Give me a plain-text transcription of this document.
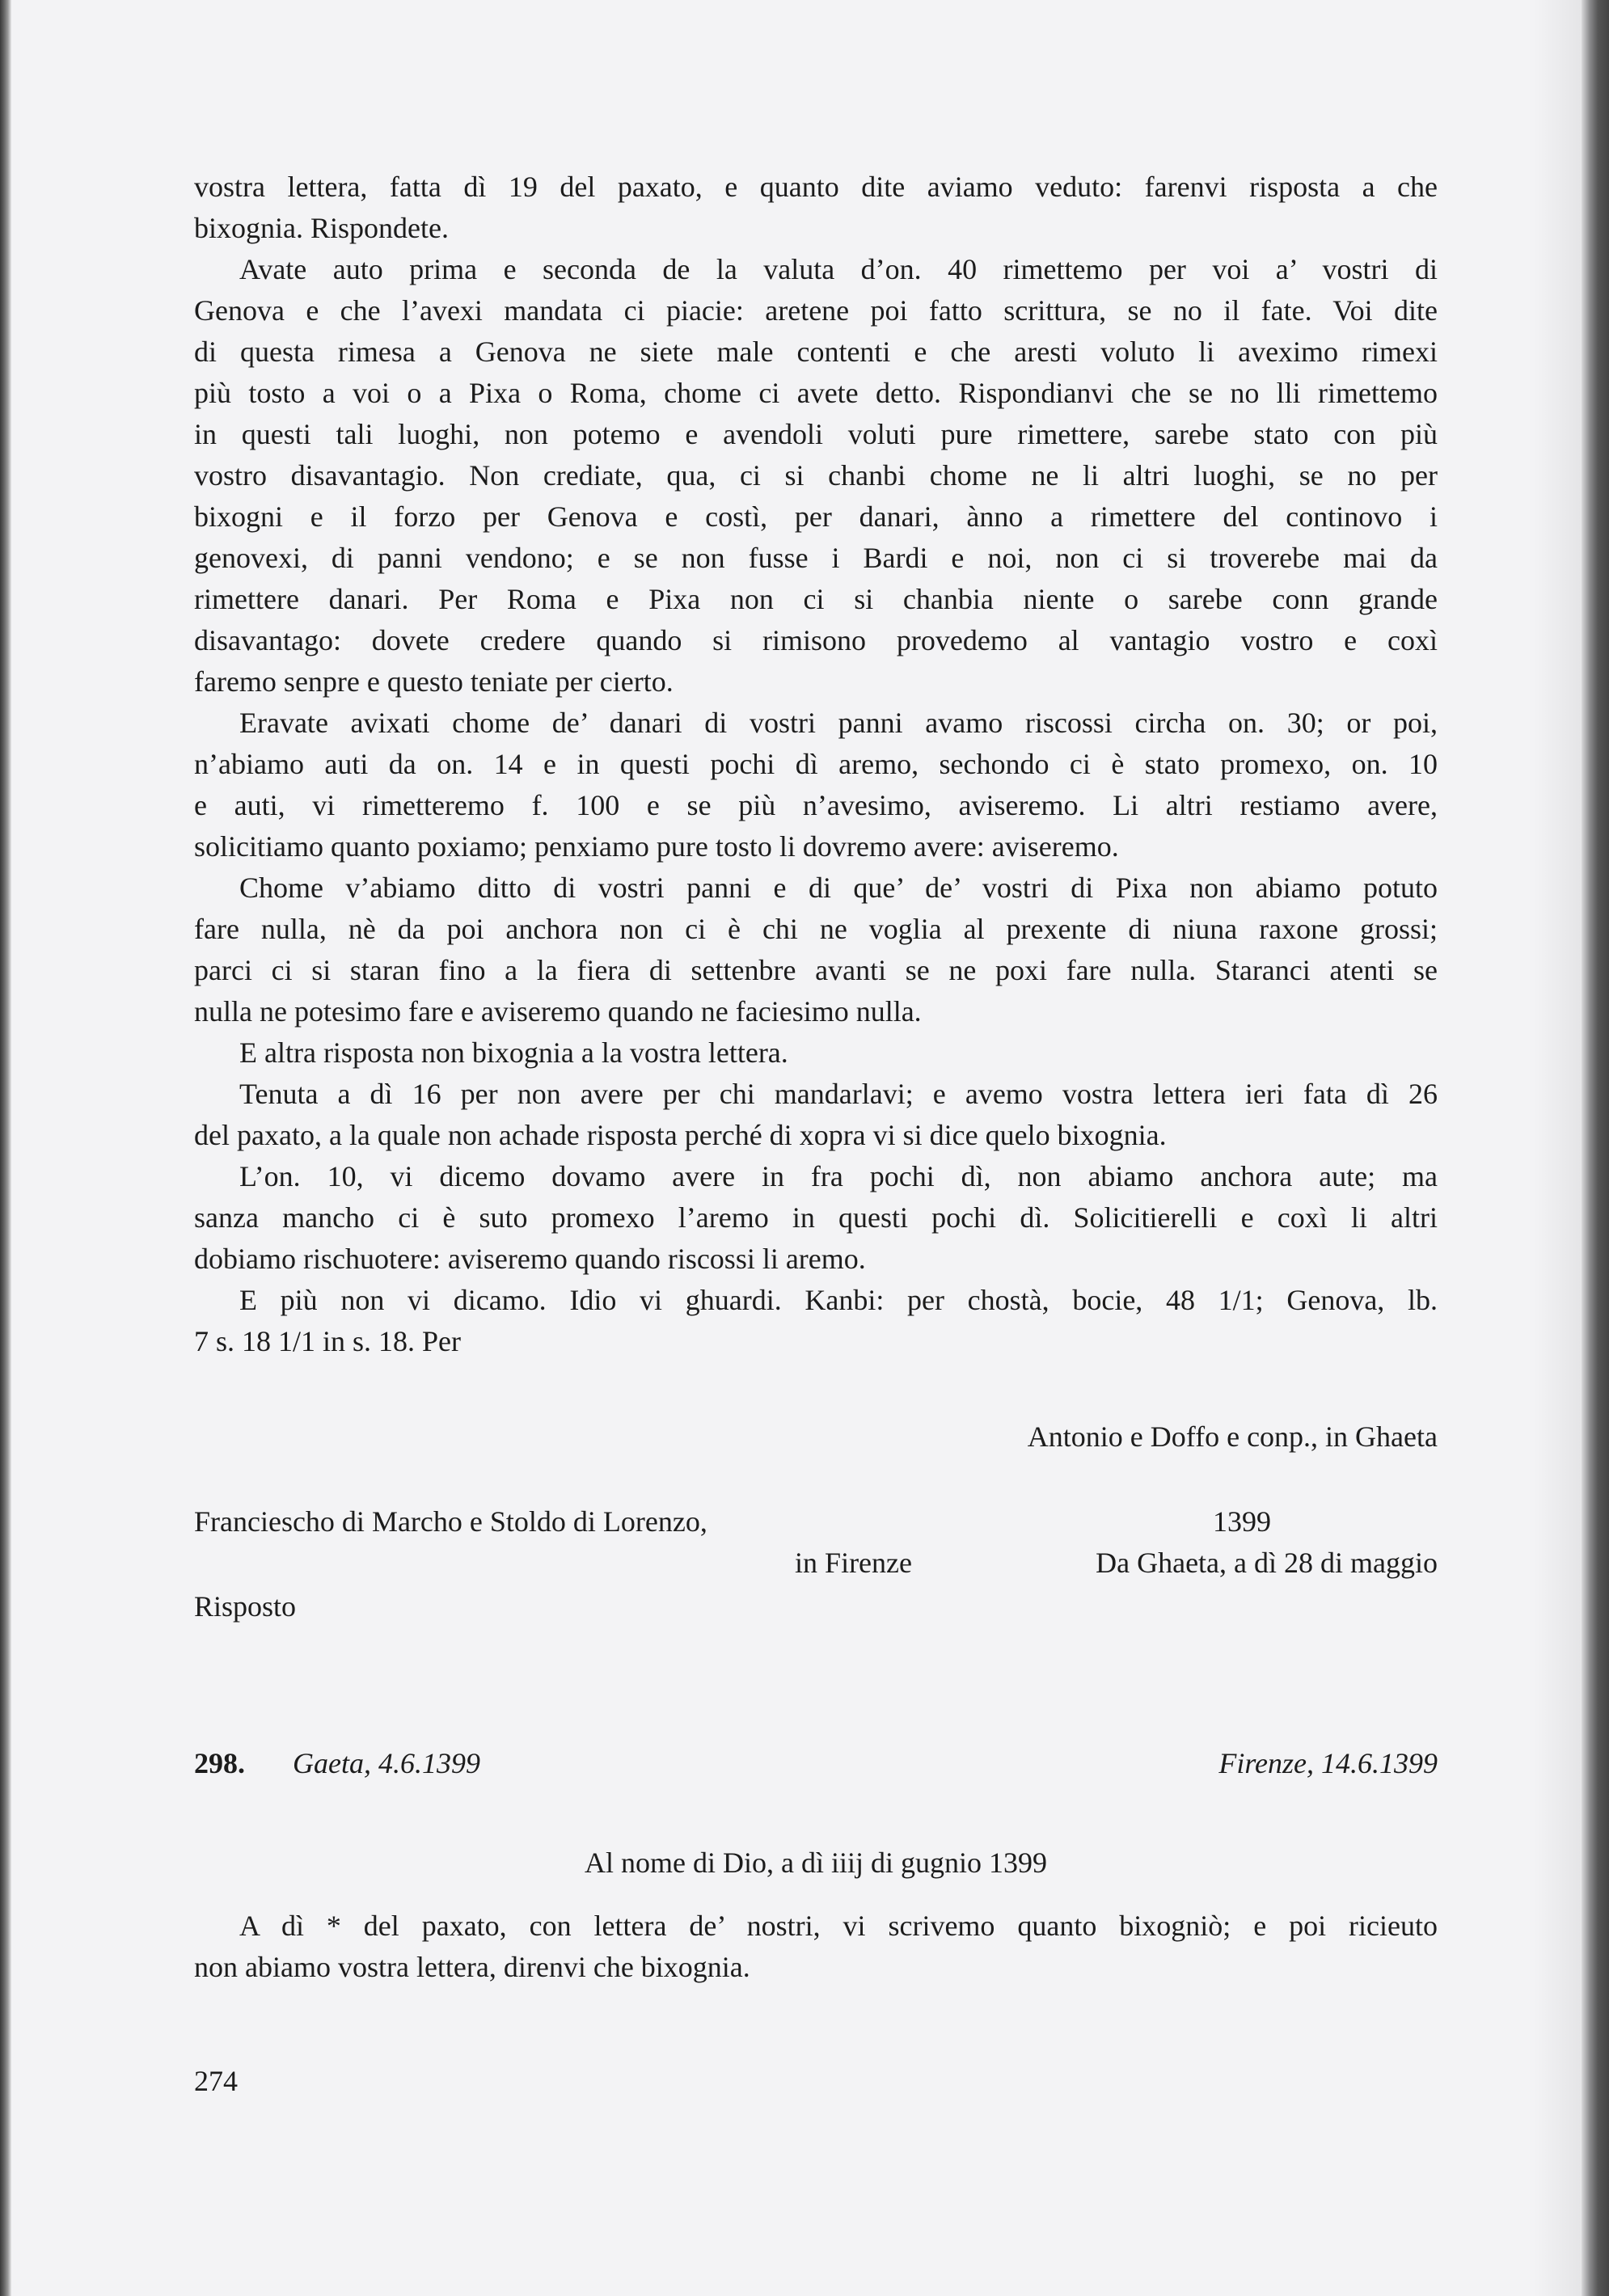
vostra lettera, fatta dì 19 del paxato, e quanto dite aviamo veduto: farenvi risposta a che
bixognia. Rispondete.
Avate auto prima e seconda de la valuta d’on. 40 rimettemo per voi a’ vostri di
Genova e che l’avexi mandata ci piacie: aretene poi fatto scrittura, se no il fate. Voi dite
di questa rimesa a Genova ne siete male contenti e che aresti voluto li aveximo rimexi
più tosto a voi o a Pixa o Roma, chome ci avete detto. Rispondianvi che se no lli rimettemo
in questi tali luoghi, non potemo e avendoli voluti pure rimettere, sarebe stato con più
vostro disavantagio. Non crediate, qua, ci si chanbi chome ne li altri luoghi, se no per
bixogni e il forzo per Genova e costì, per danari, ànno a rimettere del continovo i
genovexi, di panni vendono; e se non fusse i Bardi e noi, non ci si troverebe mai da
rimettere danari. Per Roma e Pixa non ci si chanbia niente o sarebe conn grande
disavantago: dovete credere quando si rimisono provedemo al vantagio vostro e coxì
faremo senpre e questo teniate per cierto.
Eravate avixati chome de’ danari di vostri panni avamo riscossi circha on. 30; or poi,
n’abiamo auti da on. 14 e in questi pochi dì aremo, sechondo ci è stato promexo, on. 10
e auti, vi rimetteremo f. 100 e se più n’avesimo, aviseremo. Li altri restiamo avere,
solicitiamo quanto poxiamo; penxiamo pure tosto li dovremo avere: aviseremo.
Chome v’abiamo ditto di vostri panni e di que’ de’ vostri di Pixa non abiamo potuto
fare nulla, nè da poi anchora non ci è chi ne voglia al prexente di niuna raxone grossi;
parci ci si staran fino a la fiera di settenbre avanti se ne poxi fare nulla. Staranci atenti se
nulla ne potesimo fare e aviseremo quando ne faciesimo nulla.
E altra risposta non bixognia a la vostra lettera.
Tenuta a dì 16 per non avere per chi mandarlavi; e avemo vostra lettera ieri fata dì 26
del paxato, a la quale non achade risposta perché di xopra vi si dice quelo bixognia.
L’on. 10, vi dicemo dovamo avere in fra pochi dì, non abiamo anchora aute; ma
sanza mancho ci è suto promexo l’aremo in questi pochi dì. Solicitierelli e coxì li altri
dobiamo rischuotere: aviseremo quando riscossi li aremo.
E più non vi dicamo. Idio vi ghuardi. Kanbi: per chostà, bocie, 48 1/1; Genova, lb.
7 s. 18 1/1 in s. 18. Per
Antonio e Doffo e conp., in Ghaeta
Franciescho di Marcho e Stoldo di Lorenzo,	1399
in Firenze	Da Ghaeta, a dì 28 di maggio
Risposto
298.	Gaeta, 4.6.1399	Firenze, 14.6.1399
Al nome di Dio, a dì iiij di gugnio 1399
A dì * del paxato, con lettera de’ nostri, vi scrivemo quanto bixogniò; e poi ricieuto
non abiamo vostra lettera, direnvi che bixognia.
274
